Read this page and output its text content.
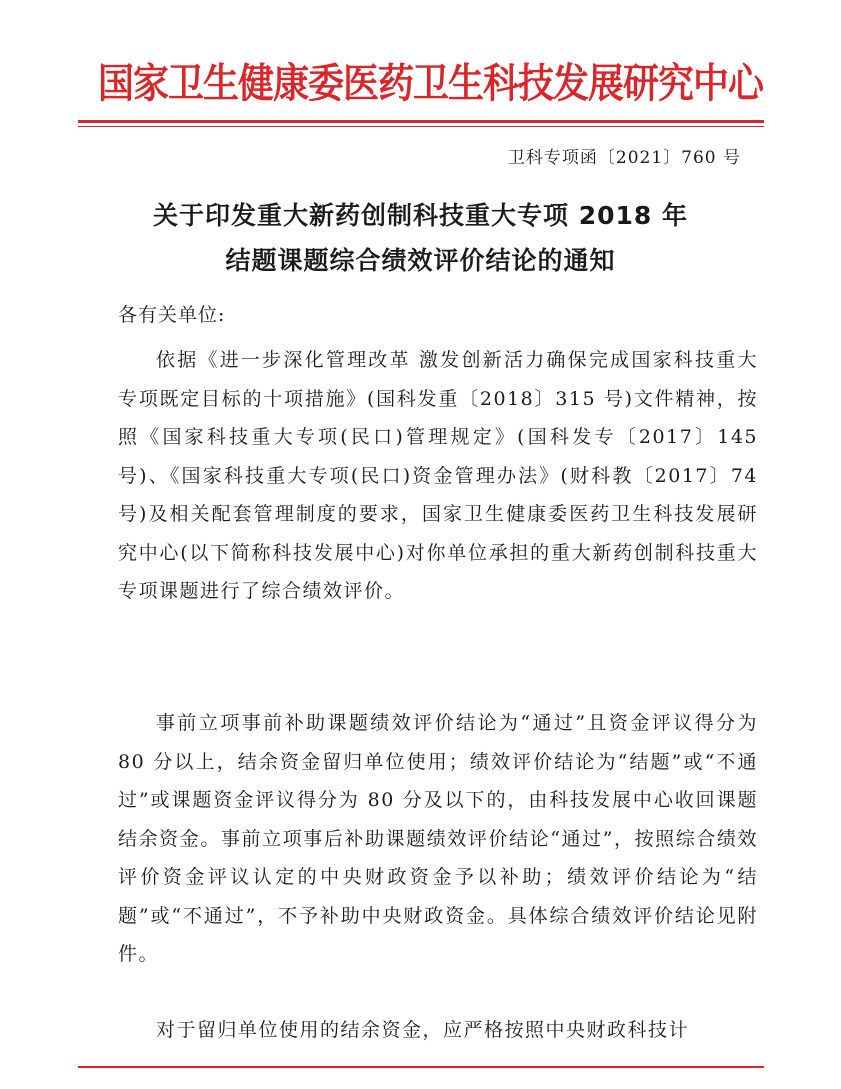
国家卫生健康委医药卫生科技发展研究中心
卫科专项函〔2021〕760 号
关于印发重大新药创制科技重大专项 2018 年
结题课题综合绩效评价结论的通知
各有关单位:

依据《进一步深化管理改革 激发创新活力确保完成国家科技重大专项既定目标的十项措施》(国科发重〔2018〕315 号)文件精神，按照《国家科技重大专项(民口)管理规定》(国科发专〔2017〕145 号)、《国家科技重大专项(民口)资金管理办法》(财科教〔2017〕74 号)及相关配套管理制度的要求，国家卫生健康委医药卫生科技发展研究中心(以下简称科技发展中心)对你单位承担的重大新药创制科技重大专项课题进行了综合绩效评价。

事前立项事前补助课题绩效评价结论为“通过”且资金评议得分为 80 分以上，结余资金留归单位使用；绩效评价结论为“结题”或“不通过”或课题资金评议得分为 80 分及以下的，由科技发展中心收回课题结余资金。事前立项事后补助课题绩效评价结论“通过”，按照综合绩效评价资金评议认定的中央财政资金予以补助；绩效评价结论为“结题”或“不通过”，不予补助中央财政资金。具体综合绩效评价结论见附件。

对于留归单位使用的结余资金，应严格按照中央财政科技计
